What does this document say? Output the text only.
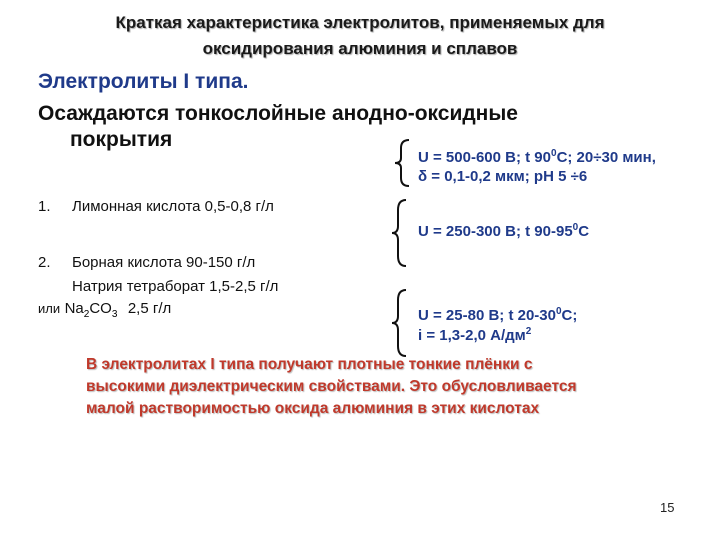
Краткая характеристика электролитов, применяемых для
оксидирования алюминия и сплавов
Электролиты I типа.
Осаждаются тонкослойные анодно-оксидные
покрытия
1. Лимонная кислота 0,5-0,8 г/л
2. Борная кислота 90-150 г/л
Натрия тетраборат 1,5-2,5 г/л
или $Na_2CO_3$ 2,5 г/л
U = 500-600 В; t $90^0С$; 20÷30 мин,
δ = 0,1-0,2 мкм; рН 5 ÷6
U = 250-300 В; t $90-95^0С$
U = 25-80 В; t $20-30^0С$;
i = 1,3-2,0 $А/дм^2$
В электролитах I типа получают плотные тонкие плёнки с
высокими диэлектрическим свойствами. Это обусловливается
малой растворимостью оксида алюминия в этих кислотах
15
